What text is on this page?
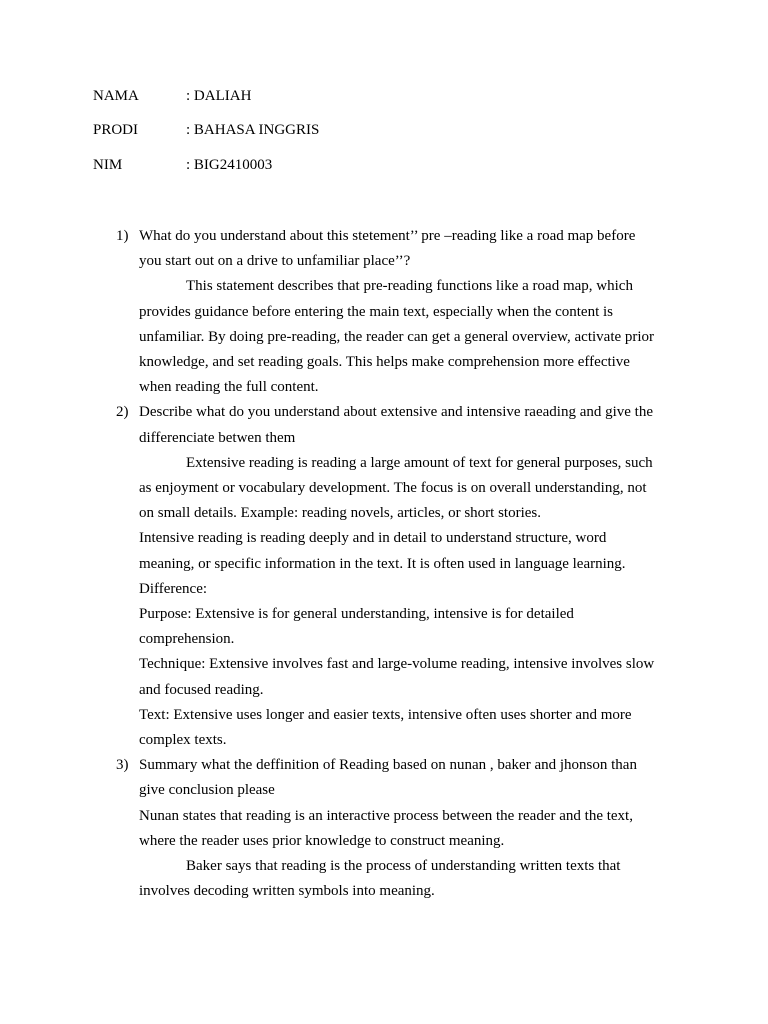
NAMA	: DALIAH
PRODI	: BAHASA INGGRIS
NIM	: BIG2410003
1) What do you understand about this stetement’’ pre –reading like a road map before
you start out on a drive to unfamiliar place’’?
This statement describes that pre-reading functions like a road map, which
provides guidance before entering the main text, especially when the content is
unfamiliar. By doing pre-reading, the reader can get a general overview, activate prior
knowledge, and set reading goals. This helps make comprehension more effective
when reading the full content.
2) Describe what do you understand about extensive and intensive raeading and give the
differenciate betwen them
Extensive reading is reading a large amount of text for general purposes, such
as enjoyment or vocabulary development. The focus is on overall understanding, not
on small details. Example: reading novels, articles, or short stories.
Intensive reading is reading deeply and in detail to understand structure, word
meaning, or specific information in the text. It is often used in language learning.
Difference:
Purpose: Extensive is for general understanding, intensive is for detailed
comprehension.
Technique: Extensive involves fast and large-volume reading, intensive involves slow
and focused reading.
Text: Extensive uses longer and easier texts, intensive often uses shorter and more
complex texts.
3) Summary what the deffinition of Reading based on nunan , baker and jhonson than
give conclusion please
Nunan states that reading is an interactive process between the reader and the text,
where the reader uses prior knowledge to construct meaning.
Baker says that reading is the process of understanding written texts that
involves decoding written symbols into meaning.
